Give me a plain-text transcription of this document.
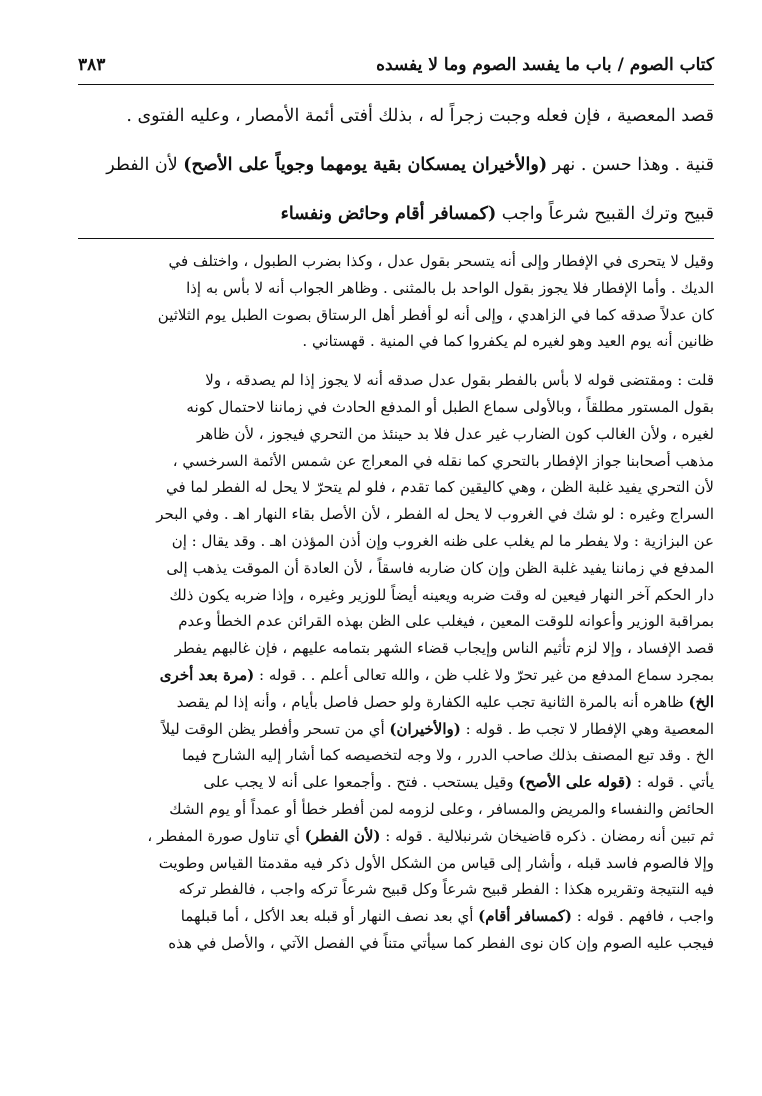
كتاب الصوم / باب ما يفسد الصوم وما لا يفسده
٣٨٣
قصد المعصية ، فإن فعله وجبت زجراً له ، بذلك أفتى أئمة الأمصار ، وعليه الفتوى .
قنية . وهذا حسن . نهر (والأخيران يمسكان بقية يومهما وجوياً على الأصح) لأن الفطر
قبيح وترك القبيح شرعاً واجب (كمسافر أقام وحائض ونفساء
وقيل لا يتحرى في الإفطار وإلى أنه يتسحر بقول عدل ، وكذا بضرب الطبول ، واختلف في
الديك . وأما الإفطار فلا يجوز بقول الواحد بل بالمثنى . وظاهر الجواب أنه لا بأس به إذا
كان عدلاً صدقه كما في الزاهدي ، وإلى أنه لو أفطر أهل الرستاق بصوت الطبل يوم الثلاثين
ظانين أنه يوم العيد وهو لغيره لم يكفروا كما في المنية . قهستاني .
قلت : ومقتضى قوله لا بأس بالفطر بقول عدل صدقه أنه لا يجوز إذا لم يصدقه ، ولا
بقول المستور مطلقاً ، وبالأولى سماع الطبل أو المدفع الحادث في زماننا لاحتمال كونه
لغيره ، ولأن الغالب كون الضارب غير عدل فلا بد حينئذ من التحري فيجوز ، لأن ظاهر
مذهب أصحابنا جواز الإفطار بالتحري كما نقله في المعراج عن شمس الأئمة السرخسي ،
لأن التحري يفيد غلبة الظن ، وهي كاليقين كما تقدم ، فلو لم يتحرّ لا يحل له الفطر لما في
السراج وغيره : لو شك في الغروب لا يحل له الفطر ، لأن الأصل بقاء النهار اهـ . وفي البحر
عن البزازية : ولا يفطر ما لم يغلب على ظنه الغروب وإن أذن المؤذن اهـ . وقد يقال : إن
المدفع في زماننا يفيد غلبة الظن وإن كان ضاربه فاسقاً ، لأن العادة أن الموقت يذهب إلى
دار الحكم آخر النهار فيعين له وقت ضربه ويعينه أيضاً للوزير وغيره ، وإذا ضربه يكون ذلك
بمراقبة الوزير وأعوانه للوقت المعين ، فيغلب على الظن بهذه القرائن عدم الخطأ وعدم
قصد الإفساد ، وإلا لزم تأثيم الناس وإيجاب قضاء الشهر بتمامه عليهم ، فإن غالبهم يفطر
بمجرد سماع المدفع من غير تحرّ ولا غلب ظن ، والله تعالى أعلم . . قوله : (مرة بعد أخرى
الخ) ظاهره أنه بالمرة الثانية تجب عليه الكفارة ولو حصل فاصل بأيام ، وأنه إذا لم يقصد
المعصية وهي الإفطار لا تجب ط . قوله : (والأخيران) أي من تسحر وأفطر يظن الوقت ليلاً
الخ . وقد تبع المصنف بذلك صاحب الدرر ، ولا وجه لتخصيصه كما أشار إليه الشارح فيما
يأتي . قوله : (قوله على الأصح) وقيل يستحب . فتح . وأجمعوا على أنه لا يجب على
الحائض والنفساء والمريض والمسافر ، وعلى لزومه لمن أفطر خطأ أو عمداً أو يوم الشك
ثم تبين أنه رمضان . ذكره قاضيخان شرنبلالية . قوله : (لأن الفطر) أي تناول صورة المفطر ،
وإلا فالصوم فاسد قبله ، وأشار إلى قياس من الشكل الأول ذكر فيه مقدمتا القياس وطويت
فيه النتيجة وتقريره هكذا : الفطر قبيح شرعاً وكل قبيح شرعاً تركه واجب ، فالفطر تركه
واجب ، فافهم . قوله : (كمسافر أقام) أي بعد نصف النهار أو قبله بعد الأكل ، أما قبلهما
فيجب عليه الصوم وإن كان نوى الفطر كما سيأتي متناً في الفصل الآتي ، والأصل في هذه
